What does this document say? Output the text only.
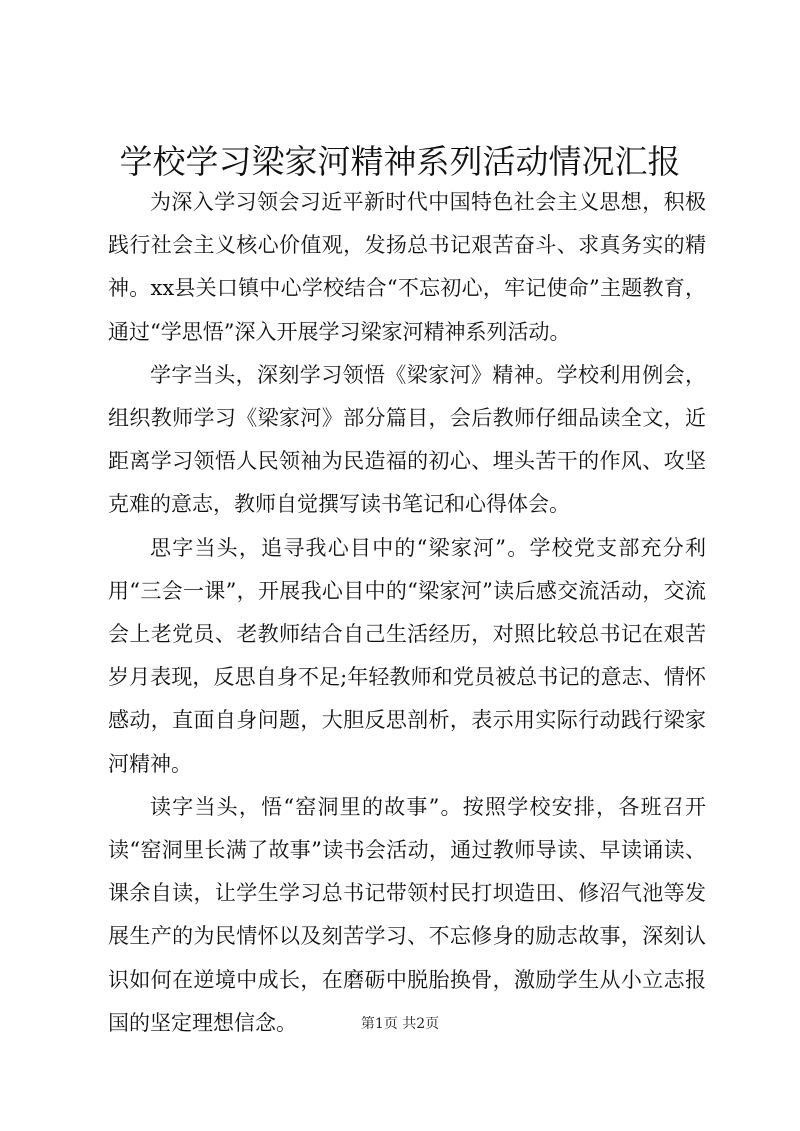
学校学习梁家河精神系列活动情况汇报

为深入学习领会习近平新时代中国特色社会主义思想，积极践行社会主义核心价值观，发扬总书记艰苦奋斗、求真务实的精神。xx县关口镇中心学校结合“不忘初心，牢记使命”主题教育，通过“学思悟”深入开展学习梁家河精神系列活动。

学字当头，深刻学习领悟《梁家河》精神。学校利用例会，组织教师学习《梁家河》部分篇目，会后教师仔细品读全文，近距离学习领悟人民领袖为民造福的初心、埋头苦干的作风、攻坚克难的意志，教师自觉撰写读书笔记和心得体会。

思字当头，追寻我心目中的“梁家河”。学校党支部充分利用“三会一课”，开展我心目中的“梁家河”读后感交流活动，交流会上老党员、老教师结合自己生活经历，对照比较总书记在艰苦岁月表现，反思自身不足;年轻教师和党员被总书记的意志、情怀感动，直面自身问题，大胆反思剖析，表示用实际行动践行梁家河精神。

读字当头，悟“窑洞里的故事”。按照学校安排，各班召开读“窑洞里长满了故事”读书会活动，通过教师导读、早读诵读、课余自读，让学生学习总书记带领村民打坝造田、修沼气池等发展生产的为民情怀以及刻苦学习、不忘修身的励志故事，深刻认识如何在逆境中成长，在磨砺中脱胎换骨，激励学生从小立志报国的坚定理想信念。	第1页 共2页
